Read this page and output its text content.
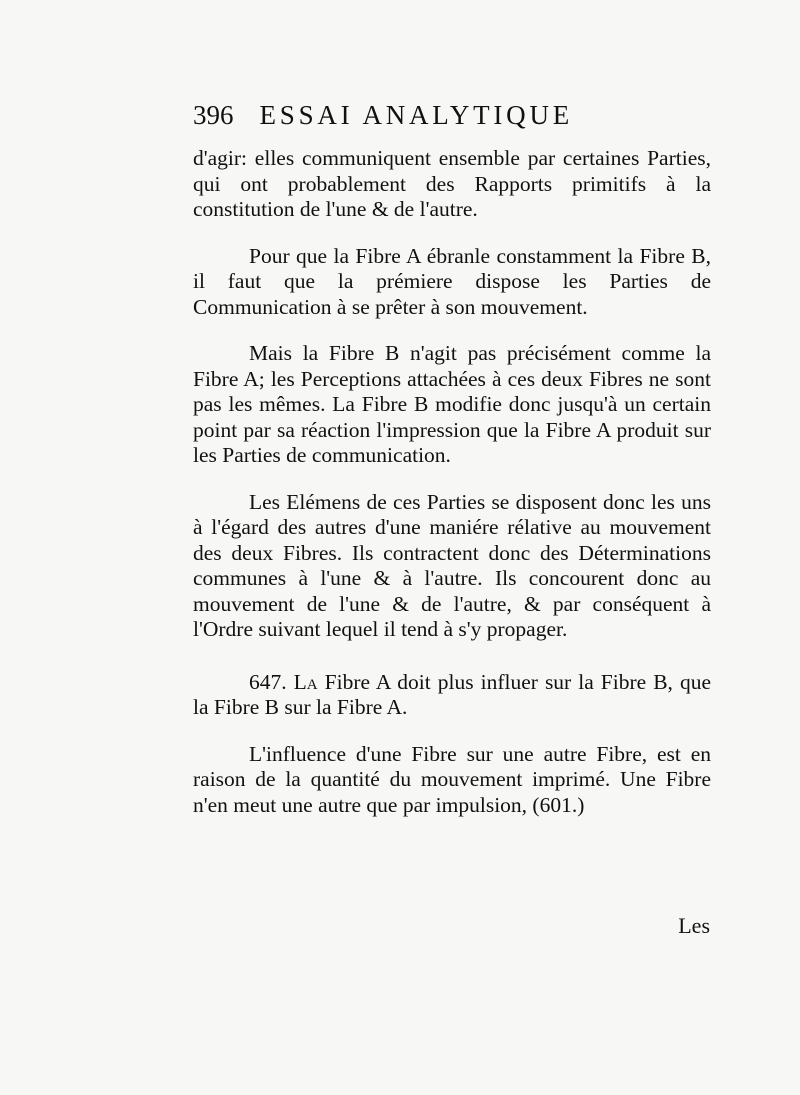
396 ESSAI ANALYTIQUE

d'agir: elles communiquent ensemble par certaines Parties, qui ont probablement des Rapports primitifs à la constitution de l'une & de l'autre.

Pour que la Fibre A ébranle constamment la Fibre B, il faut que la prémiere dispose les Parties de Communication à se prêter à son mouvement.

Mais la Fibre B n'agit pas précisément comme la Fibre A; les Perceptions attachées à ces deux Fibres ne sont pas les mêmes. La Fibre B modifie donc jusqu'à un certain point par sa réaction l'impression que la Fibre A produit sur les Parties de communication.

Les Elémens de ces Parties se disposent donc les uns à l'égard des autres d'une maniére rélative au mouvement des deux Fibres. Ils contractent donc des Déterminations communes à l'une & à l'autre. Ils concourent donc au mouvement de l'une & de l'autre, & par conséquent à l'Ordre suivant lequel il tend à s'y propager.

647. La Fibre A doit plus influer sur la Fibre B, que la Fibre B sur la Fibre A.

L'influence d'une Fibre sur une autre Fibre, est en raison de la quantité du mouvement imprimé. Une Fibre n'en meut une autre que par impulsion, (601.)

Les
